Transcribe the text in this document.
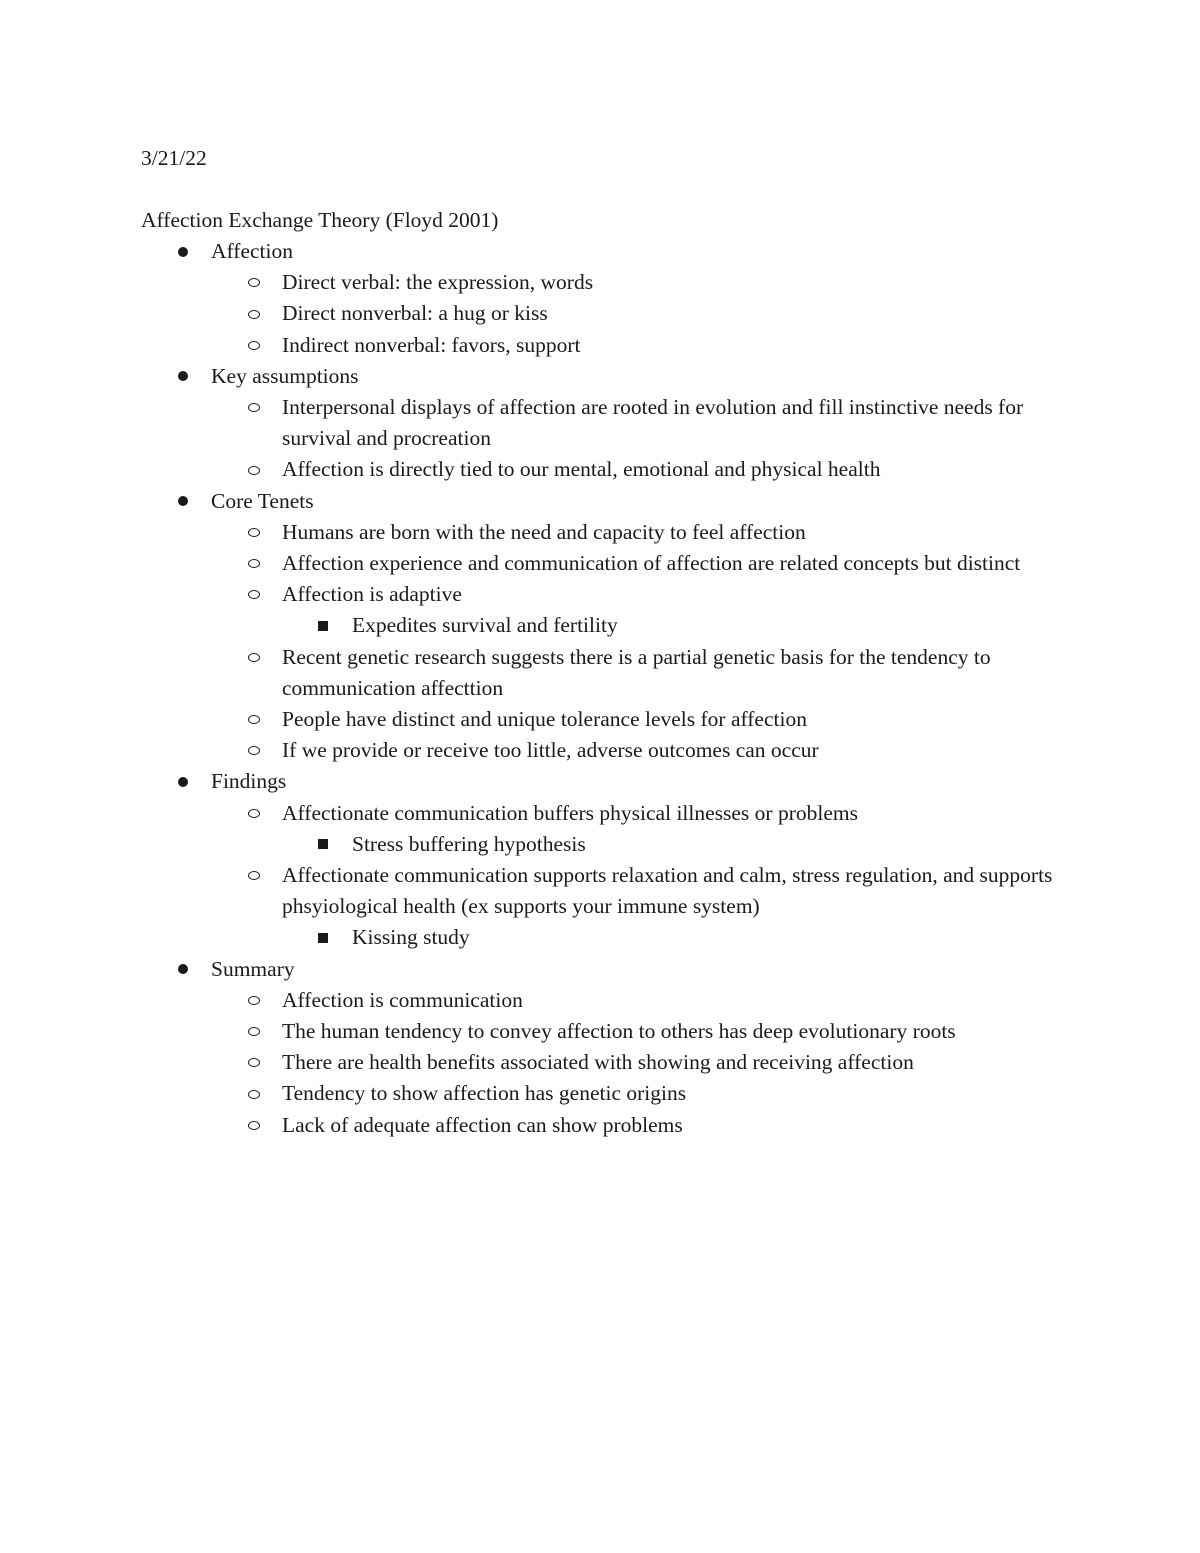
3/21/22
Affection Exchange Theory (Floyd 2001)
Affection
Direct verbal: the expression, words
Direct nonverbal: a hug or kiss
Indirect nonverbal: favors, support
Key assumptions
Interpersonal displays of affection are rooted in evolution and fill instinctive needs for survival and procreation
Affection is directly tied to our mental, emotional and physical health
Core Tenets
Humans are born with the need and capacity to feel affection
Affection experience and communication of affection are related concepts but distinct
Affection is adaptive
Expedites survival and fertility
Recent genetic research suggests there is a partial genetic basis for the tendency to communication affecttion
People have distinct and unique tolerance levels for affection
If we provide or receive too little, adverse outcomes can occur
Findings
Affectionate communication buffers physical illnesses or problems
Stress buffering hypothesis
Affectionate communication supports relaxation and calm, stress regulation, and supports phsyiological health (ex supports your immune system)
Kissing study
Summary
Affection is communication
The human tendency to convey affection to others has deep evolutionary roots
There are health benefits associated with showing and receiving affection
Tendency to show affection has genetic origins
Lack of adequate affection can show problems
